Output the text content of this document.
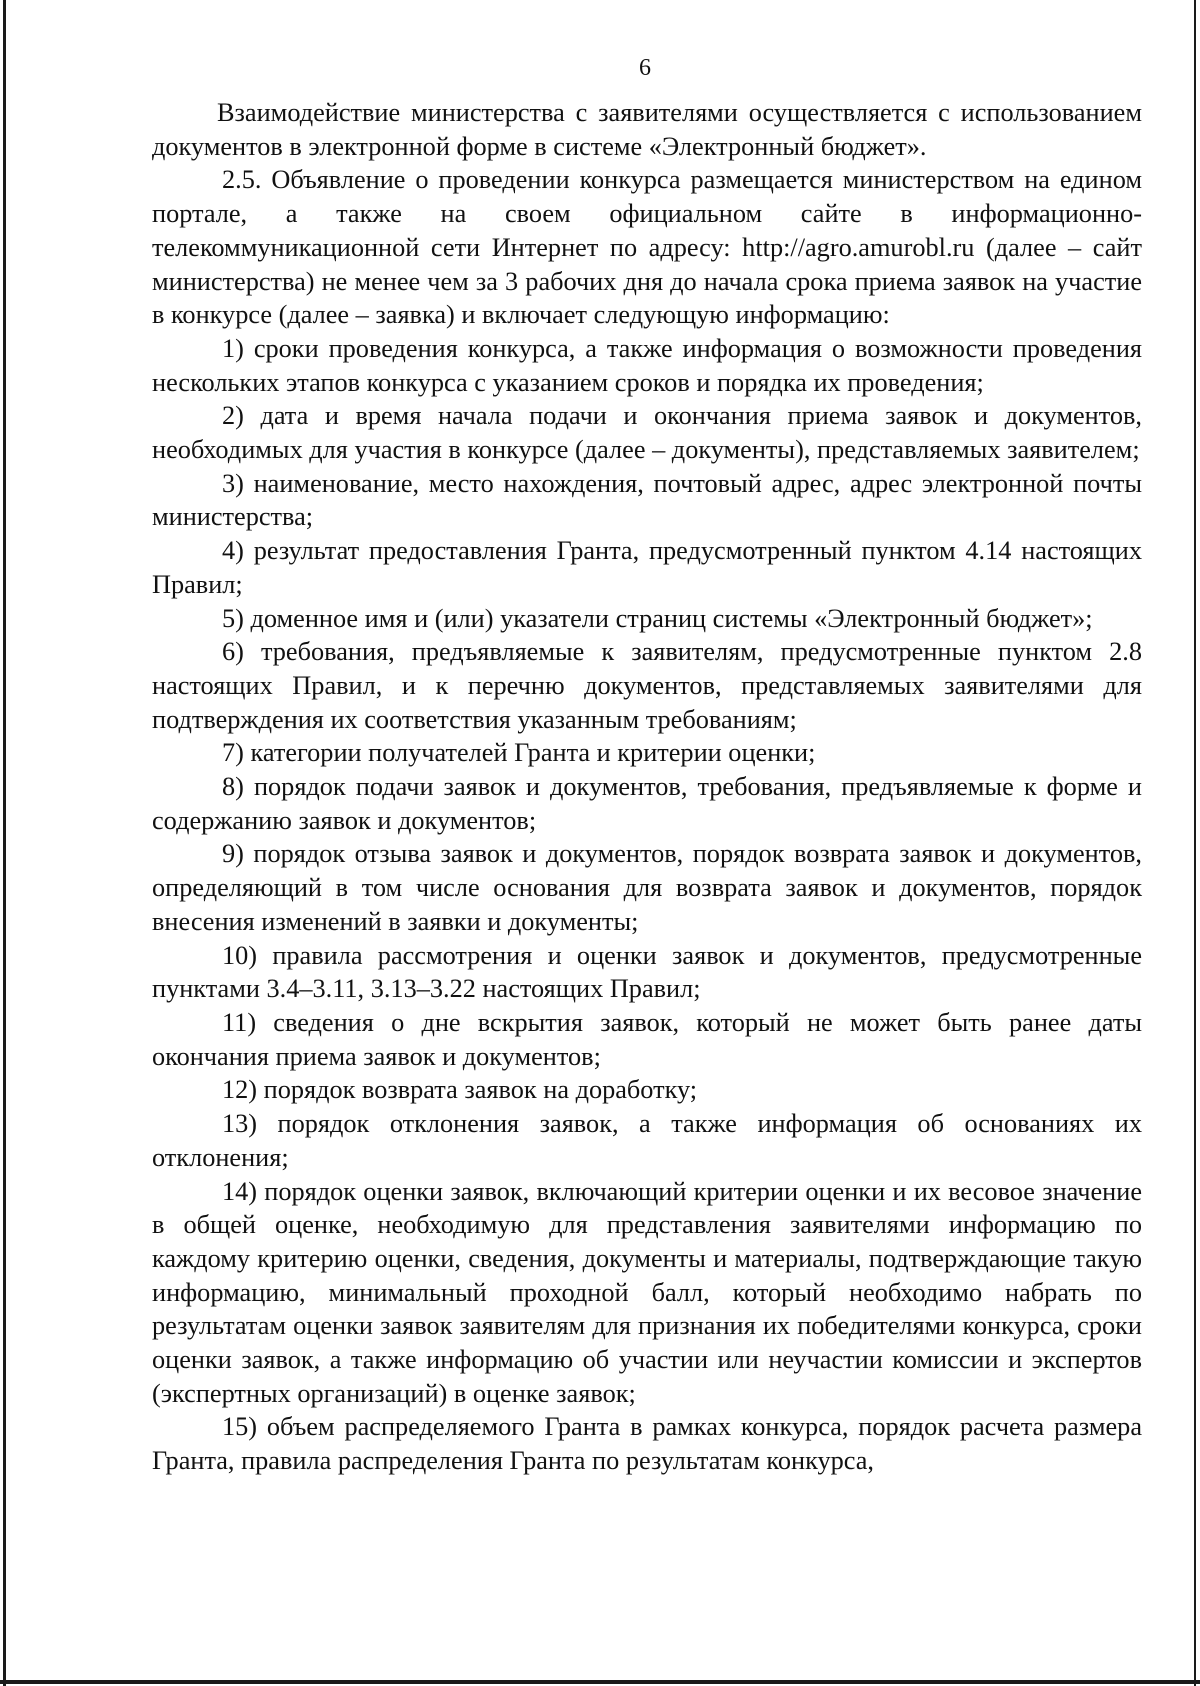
6

Взаимодействие министерства с заявителями осуществляется с использованием документов в электронной форме в системе «Электронный бюджет».

2.5. Объявление о проведении конкурса размещается министерством на едином портале, а также на своем официальном сайте в информационно-телекоммуникационной сети Интернет по адресу: http://agro.amurobl.ru (далее – сайт министерства) не менее чем за 3 рабочих дня до начала срока приема заявок на участие в конкурсе (далее – заявка) и включает следующую информацию:

1) сроки проведения конкурса, а также информация о возможности проведения нескольких этапов конкурса с указанием сроков и порядка их проведения;

2) дата и время начала подачи и окончания приема заявок и документов, необходимых для участия в конкурсе (далее – документы), представляемых заявителем;

3) наименование, место нахождения, почтовый адрес, адрес электронной почты министерства;

4) результат предоставления Гранта, предусмотренный пунктом 4.14 настоящих Правил;

5) доменное имя и (или) указатели страниц системы «Электронный бюджет»;

6) требования, предъявляемые к заявителям, предусмотренные пунктом 2.8 настоящих Правил, и к перечню документов, представляемых заявителями для подтверждения их соответствия указанным требованиям;

7) категории получателей Гранта и критерии оценки;

8) порядок подачи заявок и документов, требования, предъявляемые к форме и содержанию заявок и документов;

9) порядок отзыва заявок и документов, порядок возврата заявок и документов, определяющий в том числе основания для возврата заявок и документов, порядок внесения изменений в заявки и документы;

10) правила рассмотрения и оценки заявок и документов, предусмотренные пунктами 3.4–3.11, 3.13–3.22 настоящих Правил;

11) сведения о дне вскрытия заявок, который не может быть ранее даты окончания приема заявок и документов;

12) порядок возврата заявок на доработку;

13) порядок отклонения заявок, а также информация об основаниях их отклонения;

14) порядок оценки заявок, включающий критерии оценки и их весовое значение в общей оценке, необходимую для представления заявителями информацию по каждому критерию оценки, сведения, документы и материалы, подтверждающие такую информацию, минимальный проходной балл, который необходимо набрать по результатам оценки заявок заявителям для признания их победителями конкурса, сроки оценки заявок, а также информацию об участии или неучастии комиссии и экспертов (экспертных организаций) в оценке заявок;

15) объем распределяемого Гранта в рамках конкурса, порядок расчета размера Гранта, правила распределения Гранта по результатам конкурса,
